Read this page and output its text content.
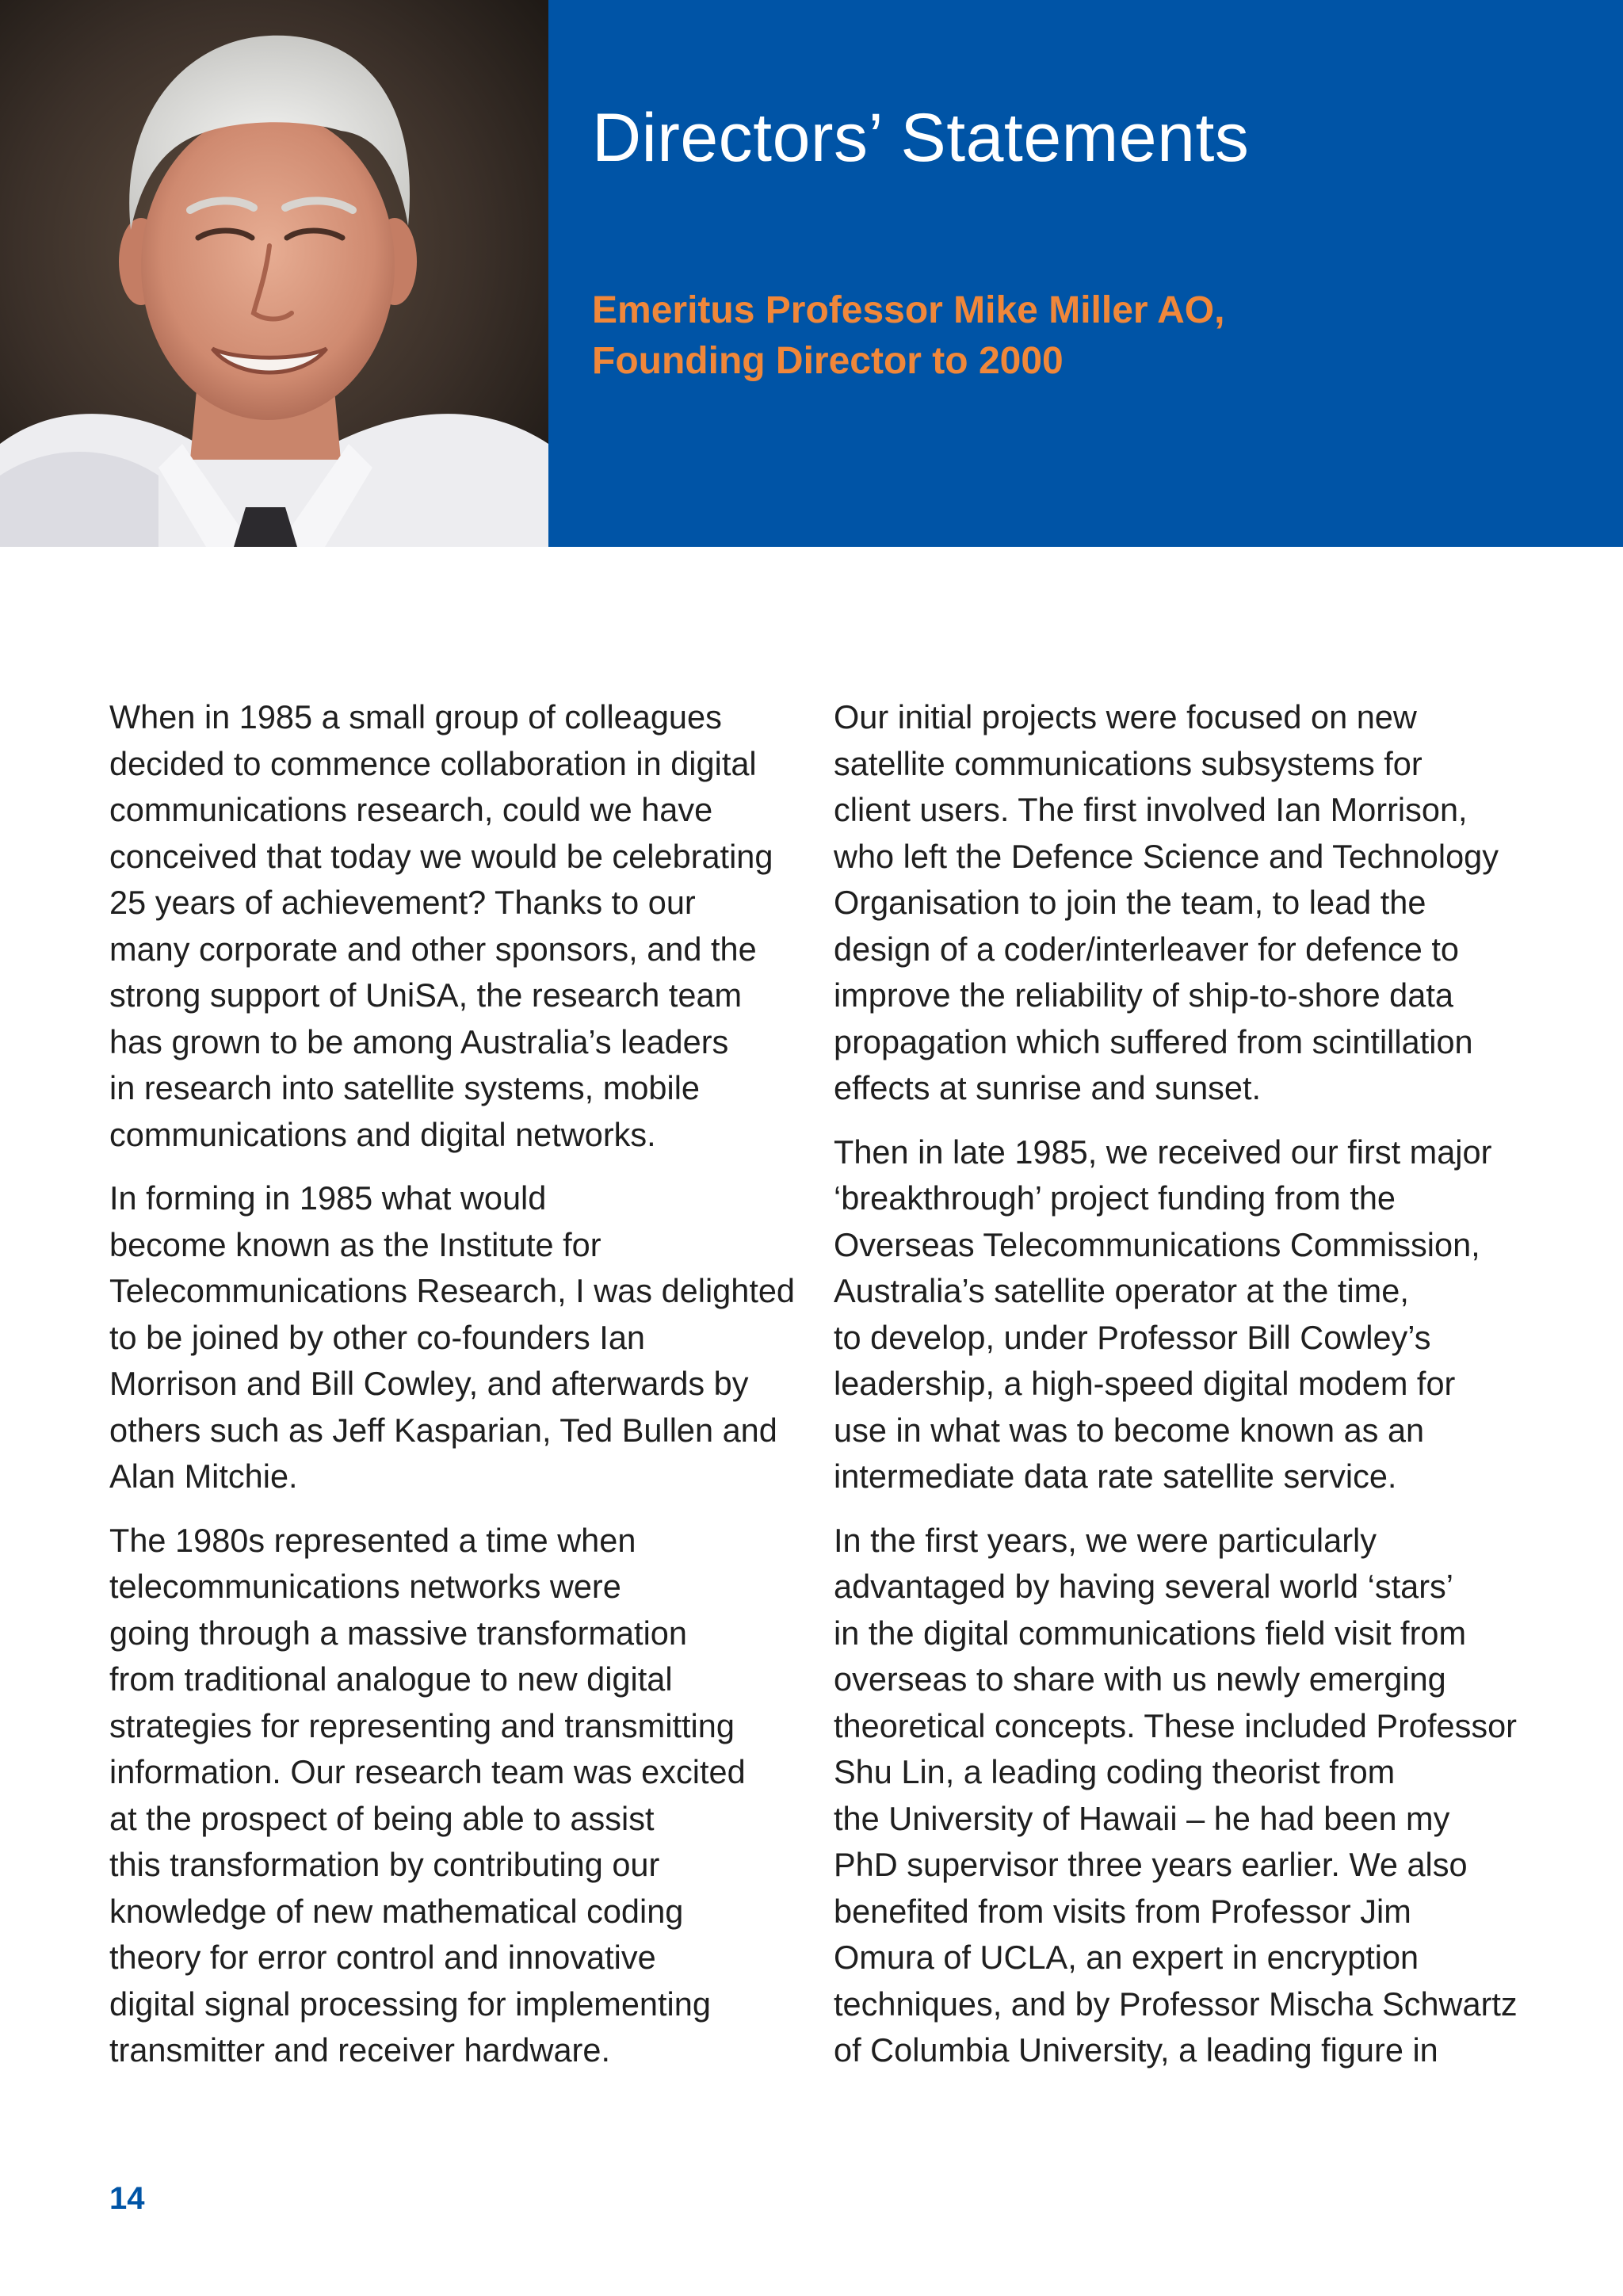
Directors’ Statements
Emeritus Professor Mike Miller AO,
Founding Director to 2000

When in 1985 a small group of colleagues
decided to commence collaboration in digital
communications research, could we have
conceived that today we would be celebrating
25 years of achievement? Thanks to our
many corporate and other sponsors, and the
strong support of UniSA, the research team
has grown to be among Australia’s leaders
in research into satellite systems, mobile
communications and digital networks.

In forming in 1985 what would
become known as the Institute for
Telecommunications Research, I was delighted
to be joined by other co-founders Ian
Morrison and Bill Cowley, and afterwards by
others such as Jeff Kasparian, Ted Bullen and
Alan Mitchie.

The 1980s represented a time when
telecommunications networks were
going through a massive transformation
from traditional analogue to new digital
strategies for representing and transmitting
information. Our research team was excited
at the prospect of being able to assist
this transformation by contributing our
knowledge of new mathematical coding
theory for error control and innovative
digital signal processing for implementing
transmitter and receiver hardware.

Our initial projects were focused on new
satellite communications subsystems for
client users. The first involved Ian Morrison,
who left the Defence Science and Technology
Organisation to join the team, to lead the
design of a coder/interleaver for defence to
improve the reliability of ship-to-shore data
propagation which suffered from scintillation
effects at sunrise and sunset.

Then in late 1985, we received our first major
‘breakthrough’ project funding from the
Overseas Telecommunications Commission,
Australia’s satellite operator at the time,
to develop, under Professor Bill Cowley’s
leadership, a high-speed digital modem for
use in what was to become known as an
intermediate data rate satellite service.

In the first years, we were particularly
advantaged by having several world ‘stars’
in the digital communications field visit from
overseas to share with us newly emerging
theoretical concepts. These included Professor
Shu Lin, a leading coding theorist from
the University of Hawaii – he had been my
PhD supervisor three years earlier. We also
benefited from visits from Professor Jim
Omura of UCLA, an expert in encryption
techniques, and by Professor Mischa Schwartz
of Columbia University, a leading figure in

14
